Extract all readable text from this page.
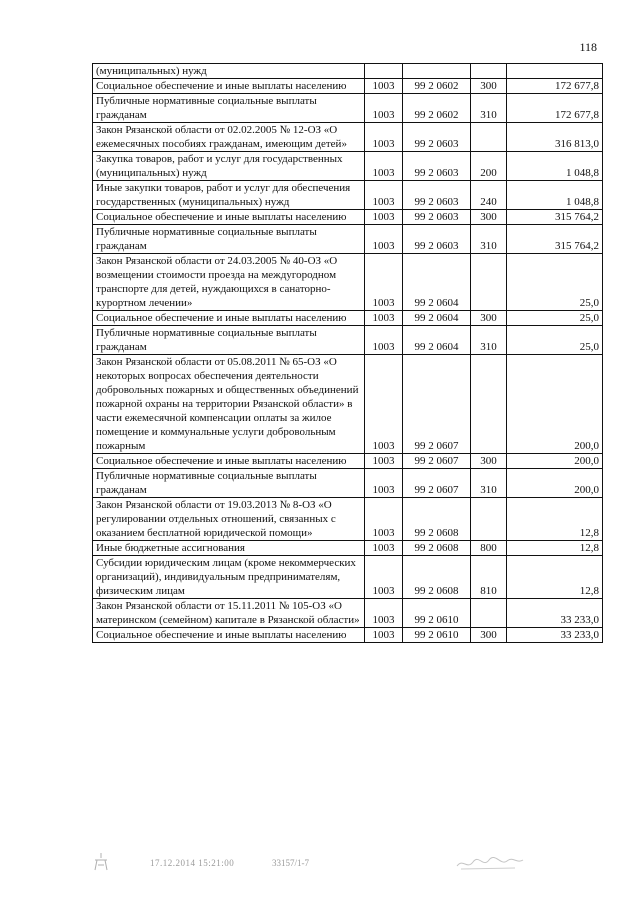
118
(муниципальных) нужд				
Социальное обеспечение и иные выплаты населению	1003	99 2 0602	300	172 677,8
Публичные нормативные социальные выплаты гражданам	1003	99 2 0602	310	172 677,8
Закон Рязанской области от 02.02.2005 № 12-ОЗ «О ежемесячных пособиях гражданам, имеющим детей»	1003	99 2 0603		316 813,0
Закупка товаров, работ и услуг для государственных (муниципальных) нужд	1003	99 2 0603	200	1 048,8
Иные закупки товаров, работ и услуг для обеспечения государственных (муниципальных) нужд	1003	99 2 0603	240	1 048,8
Социальное обеспечение и иные выплаты населению	1003	99 2 0603	300	315 764,2
Публичные нормативные социальные выплаты гражданам	1003	99 2 0603	310	315 764,2
Закон Рязанской области от 24.03.2005 № 40-ОЗ «О возмещении стоимости проезда на междугородном транспорте для детей, нуждающихся в санаторно-курортном лечении»	1003	99 2 0604		25,0
Социальное обеспечение и иные выплаты населению	1003	99 2 0604	300	25,0
Публичные нормативные социальные выплаты гражданам	1003	99 2 0604	310	25,0
Закон Рязанской области от 05.08.2011 № 65-ОЗ «О некоторых вопросах обеспечения деятельности добровольных пожарных и общественных объединений пожарной охраны на территории Рязанской области» в части ежемесячной компенсации оплаты за жилое помещение и коммунальные услуги добровольным пожарным	1003	99 2 0607		200,0
Социальное обеспечение и иные выплаты населению	1003	99 2 0607	300	200,0
Публичные нормативные социальные выплаты гражданам	1003	99 2 0607	310	200,0
Закон Рязанской области от 19.03.2013 № 8-ОЗ «О регулировании отдельных отношений, связанных с оказанием бесплатной юридической помощи»	1003	99 2 0608		12,8
Иные бюджетные ассигнования	1003	99 2 0608	800	12,8
Субсидии юридическим лицам (кроме некоммерческих организаций), индивидуальным предпринимателям, физическим лицам	1003	99 2 0608	810	12,8
Закон Рязанской области от 15.11.2011 № 105-ОЗ «О материнском (семейном) капитале в Рязанской области»	1003	99 2 0610		33 233,0
Социальное обеспечение и иные выплаты населению	1003	99 2 0610	300	33 233,0
17.12.2014 15:21:00	33157/1-7
